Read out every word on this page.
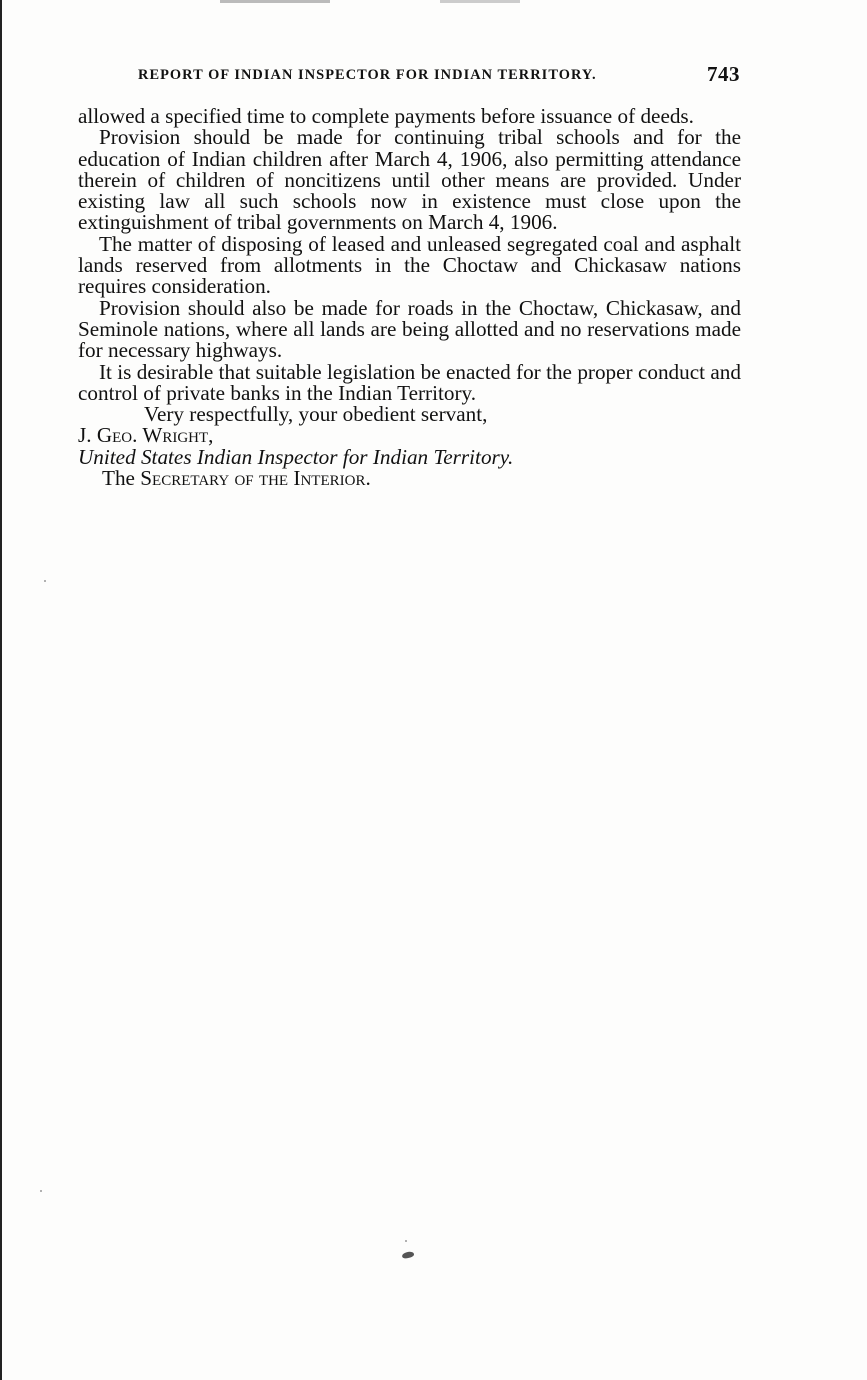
REPORT OF INDIAN INSPECTOR FOR INDIAN TERRITORY.	743

allowed a specified time to complete payments before issuance of deeds.

Provision should be made for continuing tribal schools and for the education of Indian children after March 4, 1906, also permitting attendance therein of children of noncitizens until other means are provided. Under existing law all such schools now in existence must close upon the extinguishment of tribal governments on March 4, 1906.

The matter of disposing of leased and unleased segregated coal and asphalt lands reserved from allotments in the Choctaw and Chickasaw nations requires consideration.

Provision should also be made for roads in the Choctaw, Chickasaw, and Seminole nations, where all lands are being allotted and no reservations made for necessary highways.

It is desirable that suitable legislation be enacted for the proper conduct and control of private banks in the Indian Territory.

Very respectfully, your obedient servant,

J. Geo. Wright,

United States Indian Inspector for Indian Territory.

The Secretary of the Interior.
